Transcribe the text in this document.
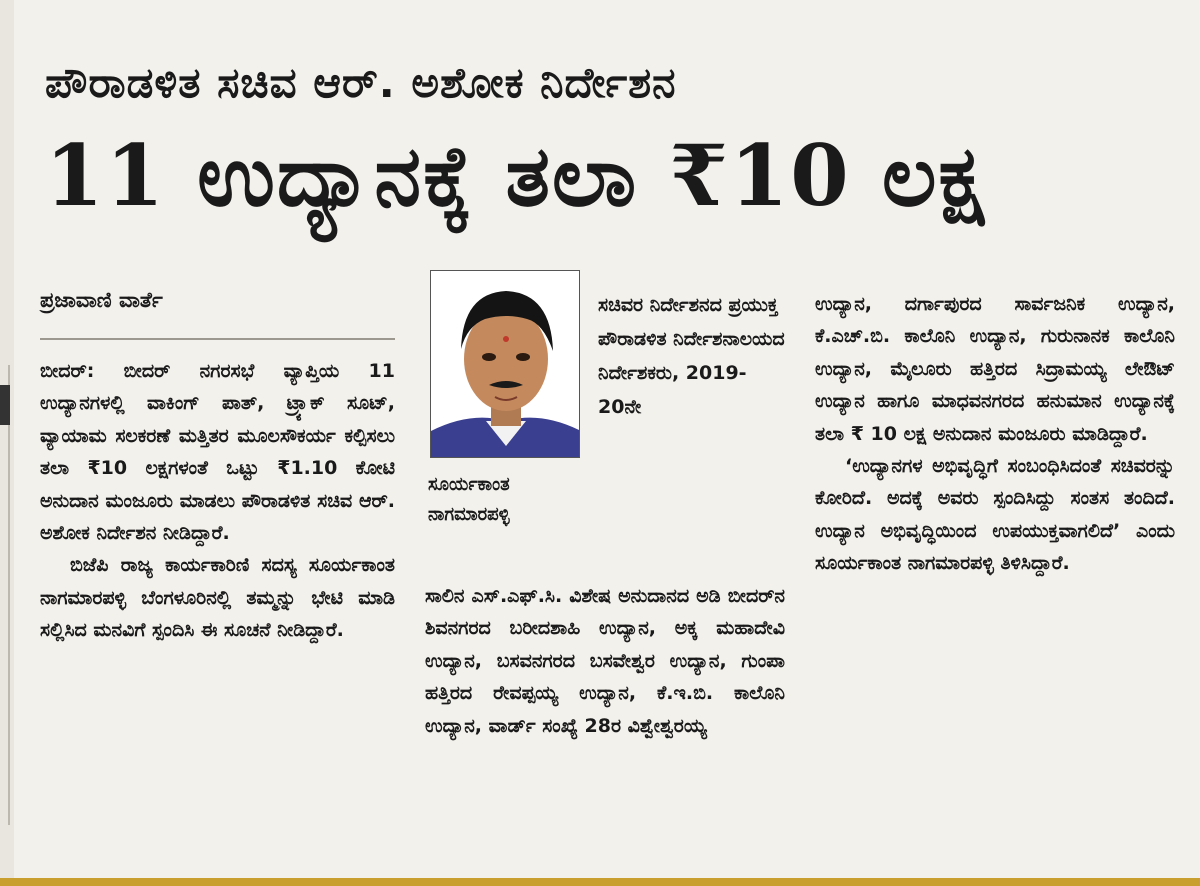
ಪೌರಾಡಳಿತ ಸಚಿವ ಆರ್. ಅಶೋಕ ನಿರ್ದೇಶನ
11 ಉದ್ಯಾನಕ್ಕೆ ತಲಾ ₹10 ಲಕ್ಷ
ಪ್ರಜಾವಾಣಿ ವಾರ್ತೆ

ಬೀದರ್: ಬೀದರ್ ನಗರಸಭೆ ವ್ಯಾಪ್ತಿಯ 11 ಉದ್ಯಾನಗಳಲ್ಲಿ ವಾಕಿಂಗ್ ಪಾತ್, ಟ್ರ್ಯಾಕ್ ಸೂಟ್, ವ್ಯಾಯಾಮ ಸಲಕರಣೆ ಮತ್ತಿತರ ಮೂಲಸೌಕರ್ಯ ಕಲ್ಪಿಸಲು ತಲಾ ₹10 ಲಕ್ಷಗಳಂತೆ ಒಟ್ಟು ₹1.10 ಕೋಟಿ ಅನುದಾನ ಮಂಜೂರು ಮಾಡಲು ಪೌರಾಡಳಿತ ಸಚಿವ ಆರ್. ಅಶೋಕ ನಿರ್ದೇಶನ ನೀಡಿದ್ದಾರೆ.

ಬಿಜೆಪಿ ರಾಜ್ಯ ಕಾರ್ಯಕಾರಿಣಿ ಸದಸ್ಯ ಸೂರ್ಯಕಾಂತ ನಾಗಮಾರಪಳ್ಳಿ ಬೆಂಗಳೂರಿನಲ್ಲಿ ತಮ್ಮನ್ನು ಭೇಟಿ ಮಾಡಿ ಸಲ್ಲಿಸಿದ ಮನವಿಗೆ ಸ್ಪಂದಿಸಿ ಈ ಸೂಚನೆ ನೀಡಿದ್ದಾರೆ.

ಸೂರ್ಯಕಾಂತ
ನಾಗಮಾರಪಳ್ಳಿ
ಸಚಿವರ ನಿರ್ದೇಶನದ ಪ್ರಯುಕ್ತ ಪೌರಾಡಳಿತ ನಿರ್ದೇಶನಾಲಯದ ನಿರ್ದೇಶಕರು, 2019-20ನೇ

ಸಾಲಿನ ಎಸ್.ಎಫ್.ಸಿ. ವಿಶೇಷ ಅನುದಾನದ ಅಡಿ ಬೀದರ್‌ನ ಶಿವನಗರದ ಬರೀದಶಾಹಿ ಉದ್ಯಾನ, ಅಕ್ಕ ಮಹಾದೇವಿ ಉದ್ಯಾನ, ಬಸವನಗರದ ಬಸವೇಶ್ವರ ಉದ್ಯಾನ, ಗುಂಪಾ ಹತ್ತಿರದ ರೇವಪ್ಪಯ್ಯ ಉದ್ಯಾನ, ಕೆ.ಇ.ಬಿ. ಕಾಲೊನಿ ಉದ್ಯಾನ, ವಾರ್ಡ್ ಸಂಖ್ಯೆ 28ರ ವಿಶ್ವೇಶ್ವರಯ್ಯ

ಉದ್ಯಾನ, ದರ್ಗಾಪುರದ ಸಾರ್ವಜನಿಕ ಉದ್ಯಾನ, ಕೆ.ಎಚ್.ಬಿ. ಕಾಲೊನಿ ಉದ್ಯಾನ, ಗುರುನಾನಕ ಕಾಲೊನಿ ಉದ್ಯಾನ, ಮೈಲೂರು ಹತ್ತಿರದ ಸಿದ್ರಾಮಯ್ಯ ಲೇಔಟ್ ಉದ್ಯಾನ ಹಾಗೂ ಮಾಧವನಗರದ ಹನುಮಾನ ಉದ್ಯಾನಕ್ಕೆ ತಲಾ ₹ 10 ಲಕ್ಷ ಅನುದಾನ ಮಂಜೂರು ಮಾಡಿದ್ದಾರೆ.

‘ಉದ್ಯಾನಗಳ ಅಭಿವೃದ್ಧಿಗೆ ಸಂಬಂಧಿಸಿದಂತೆ ಸಚಿವರನ್ನು ಕೋರಿದೆ. ಅದಕ್ಕೆ ಅವರು ಸ್ಪಂದಿಸಿದ್ದು ಸಂತಸ ತಂದಿದೆ. ಉದ್ಯಾನ ಅಭಿವೃದ್ಧಿಯಿಂದ ಉಪಯುಕ್ತವಾಗಲಿದೆ’ ಎಂದು ಸೂರ್ಯಕಾಂತ ನಾಗಮಾರಪಳ್ಳಿ ತಿಳಿಸಿದ್ದಾರೆ.
